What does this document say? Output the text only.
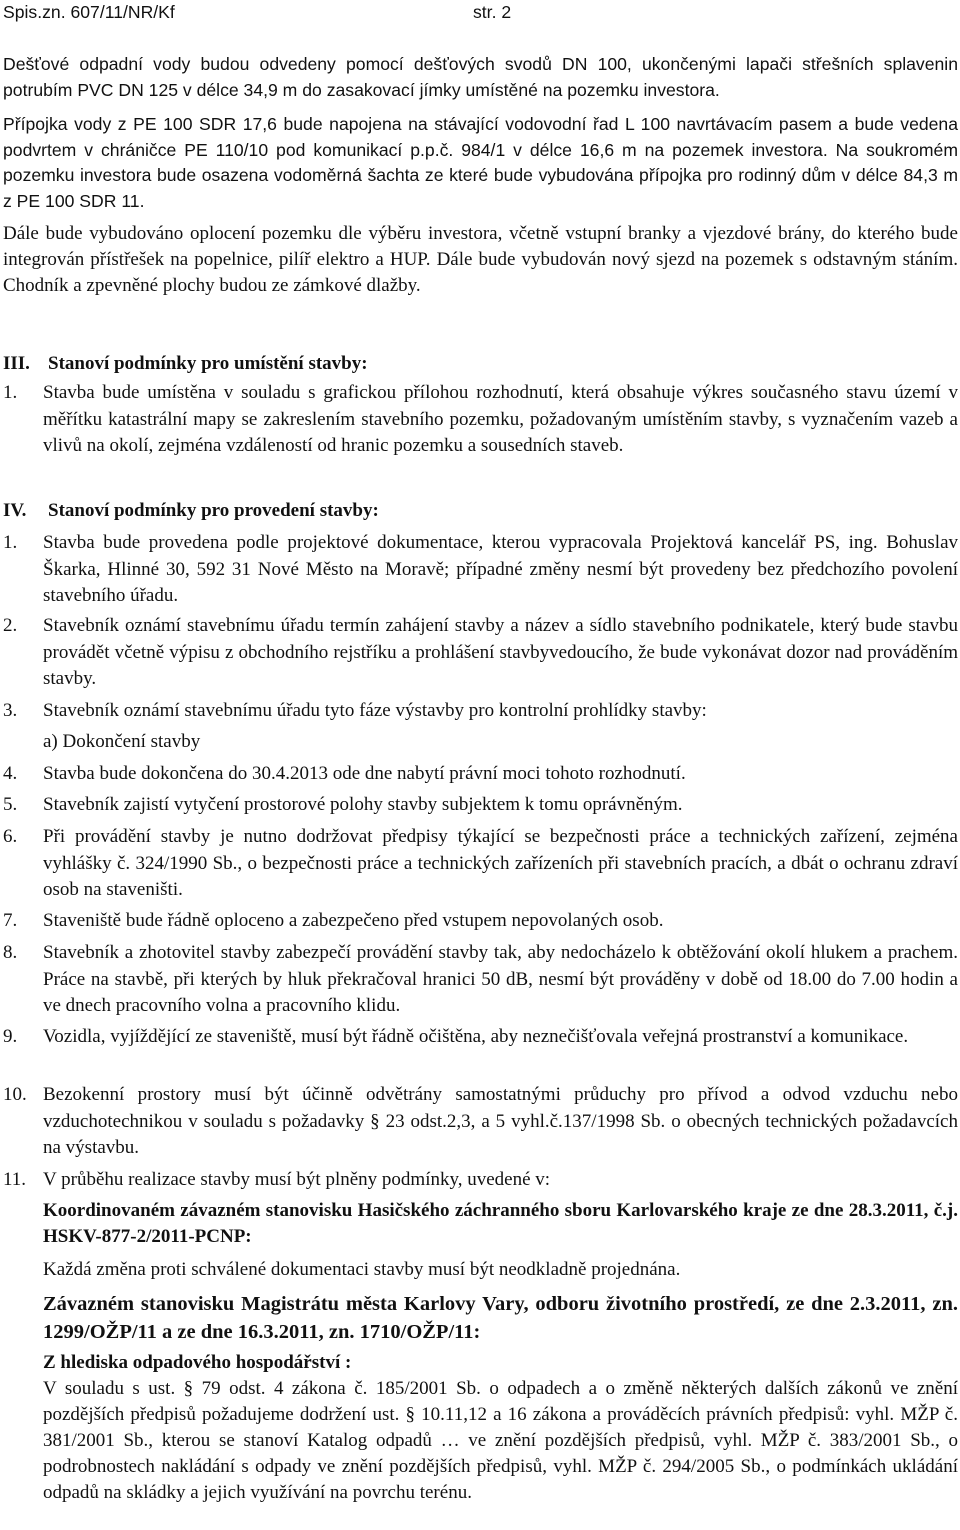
Spis.zn. 607/11/NR/Kf	str. 2

Dešťové odpadní vody budou odvedeny pomocí dešťových svodů DN 100, ukončenými lapači střešních splavenin potrubím PVC DN 125 v délce 34,9 m do zasakovací jímky umístěné na pozemku investora.

Přípojka vody z PE 100 SDR 17,6 bude napojena na stávající vodovodní řad L 100 navrtávacím pasem a bude vedena podvrtem v chráničce PE 110/10 pod komunikací p.p.č. 984/1 v délce 16,6 m na pozemek investora. Na soukromém pozemku investora bude osazena vodoměrná šachta ze které bude vybudována přípojka pro rodinný dům v délce 84,3 m z PE 100 SDR 11.

Dále bude vybudováno oplocení pozemku dle výběru investora, včetně vstupní branky a vjezdové brány, do kterého bude integrován přístřešek na popelnice, pilíř elektro a HUP. Dále bude vybudován nový sjezd na pozemek s odstavným stáním. Chodník a zpevněné plochy budou ze zámkové dlažby.

III. Stanoví podmínky pro umístění stavby:
1. Stavba bude umístěna v souladu s grafickou přílohou rozhodnutí, která obsahuje výkres současného stavu území v měřítku katastrální mapy se zakreslením stavebního pozemku, požadovaným umístěním stavby, s vyznačením vazeb a vlivů na okolí, zejména vzdáleností od hranic pozemku a sousedních staveb.
IV. Stanoví podmínky pro provedení stavby:
1. Stavba bude provedena podle projektové dokumentace, kterou vypracovala Projektová kancelář PS, ing. Bohuslav Škarka, Hlinné 30, 592 31 Nové Město na Moravě; případné změny nesmí být provedeny bez předchozího povolení stavebního úřadu.
2. Stavebník oznámí stavebnímu úřadu termín zahájení stavby a název a sídlo stavebního podnikatele, který bude stavbu provádět včetně výpisu z obchodního rejstříku a prohlášení stavbyvedoucího, že bude vykonávat dozor nad prováděním stavby.
3. Stavebník oznámí stavebnímu úřadu tyto fáze výstavby pro kontrolní prohlídky stavby:
a) Dokončení stavby
4. Stavba bude dokončena do 30.4.2013 ode dne nabytí právní moci tohoto rozhodnutí.
5. Stavebník zajistí vytyčení prostorové polohy stavby subjektem k tomu oprávněným.
6. Při provádění stavby je nutno dodržovat předpisy týkající se bezpečnosti práce a technických zařízení, zejména vyhlášky č. 324/1990 Sb., o bezpečnosti práce a technických zařízeních při stavebních pracích, a dbát o ochranu zdraví osob na staveništi.
7. Staveniště bude řádně oploceno a zabezpečeno před vstupem nepovolaných osob.
8. Stavebník a zhotovitel stavby zabezpečí provádění stavby tak, aby nedocházelo k obtěžování okolí hlukem a prachem. Práce na stavbě, při kterých by hluk překračoval hranici 50 dB, nesmí být prováděny v době od 18.00 do 7.00 hodin a ve dnech pracovního volna a pracovního klidu.
9. Vozidla, vyjíždějící ze staveniště, musí být řádně očištěna, aby neznečišťovala veřejná prostranství a komunikace.
10. Bezokenní prostory musí být účinně odvětrány samostatnými průduchy pro přívod a odvod vzduchu nebo vzduchotechnikou v souladu s požadavky § 23 odst.2,3, a 5 vyhl.č.137/1998 Sb. o obecných technických požadavcích na výstavbu.
11. V průběhu realizace stavby musí být plněny podmínky, uvedené v:
Koordinovaném závazném stanovisku Hasičského záchranného sboru Karlovarského kraje ze dne 28.3.2011, č.j. HSKV-877-2/2011-PCNP:
Každá změna proti schválené dokumentaci stavby musí být neodkladně projednána.
Závazném stanovisku Magistrátu města Karlovy Vary, odboru životního prostředí, ze dne 2.3.2011, zn. 1299/OŽP/11 a ze dne 16.3.2011, zn. 1710/OŽP/11:
Z hlediska odpadového hospodářství :
V souladu s ust. § 79 odst. 4 zákona č. 185/2001 Sb. o odpadech a o změně některých dalších zákonů ve znění pozdějších předpisů požadujeme dodržení ust. § 10.11,12 a 16 zákona a prováděcích právních předpisů: vyhl. MŽP č. 381/2001 Sb., kterou se stanoví Katalog odpadů … ve znění pozdějších předpisů, vyhl. MŽP č. 383/2001 Sb., o podrobnostech nakládání s odpady ve znění pozdějších předpisů, vyhl. MŽP č. 294/2005 Sb., o podmínkách ukládání odpadů na skládky a jejich využívání na povrchu terénu.
